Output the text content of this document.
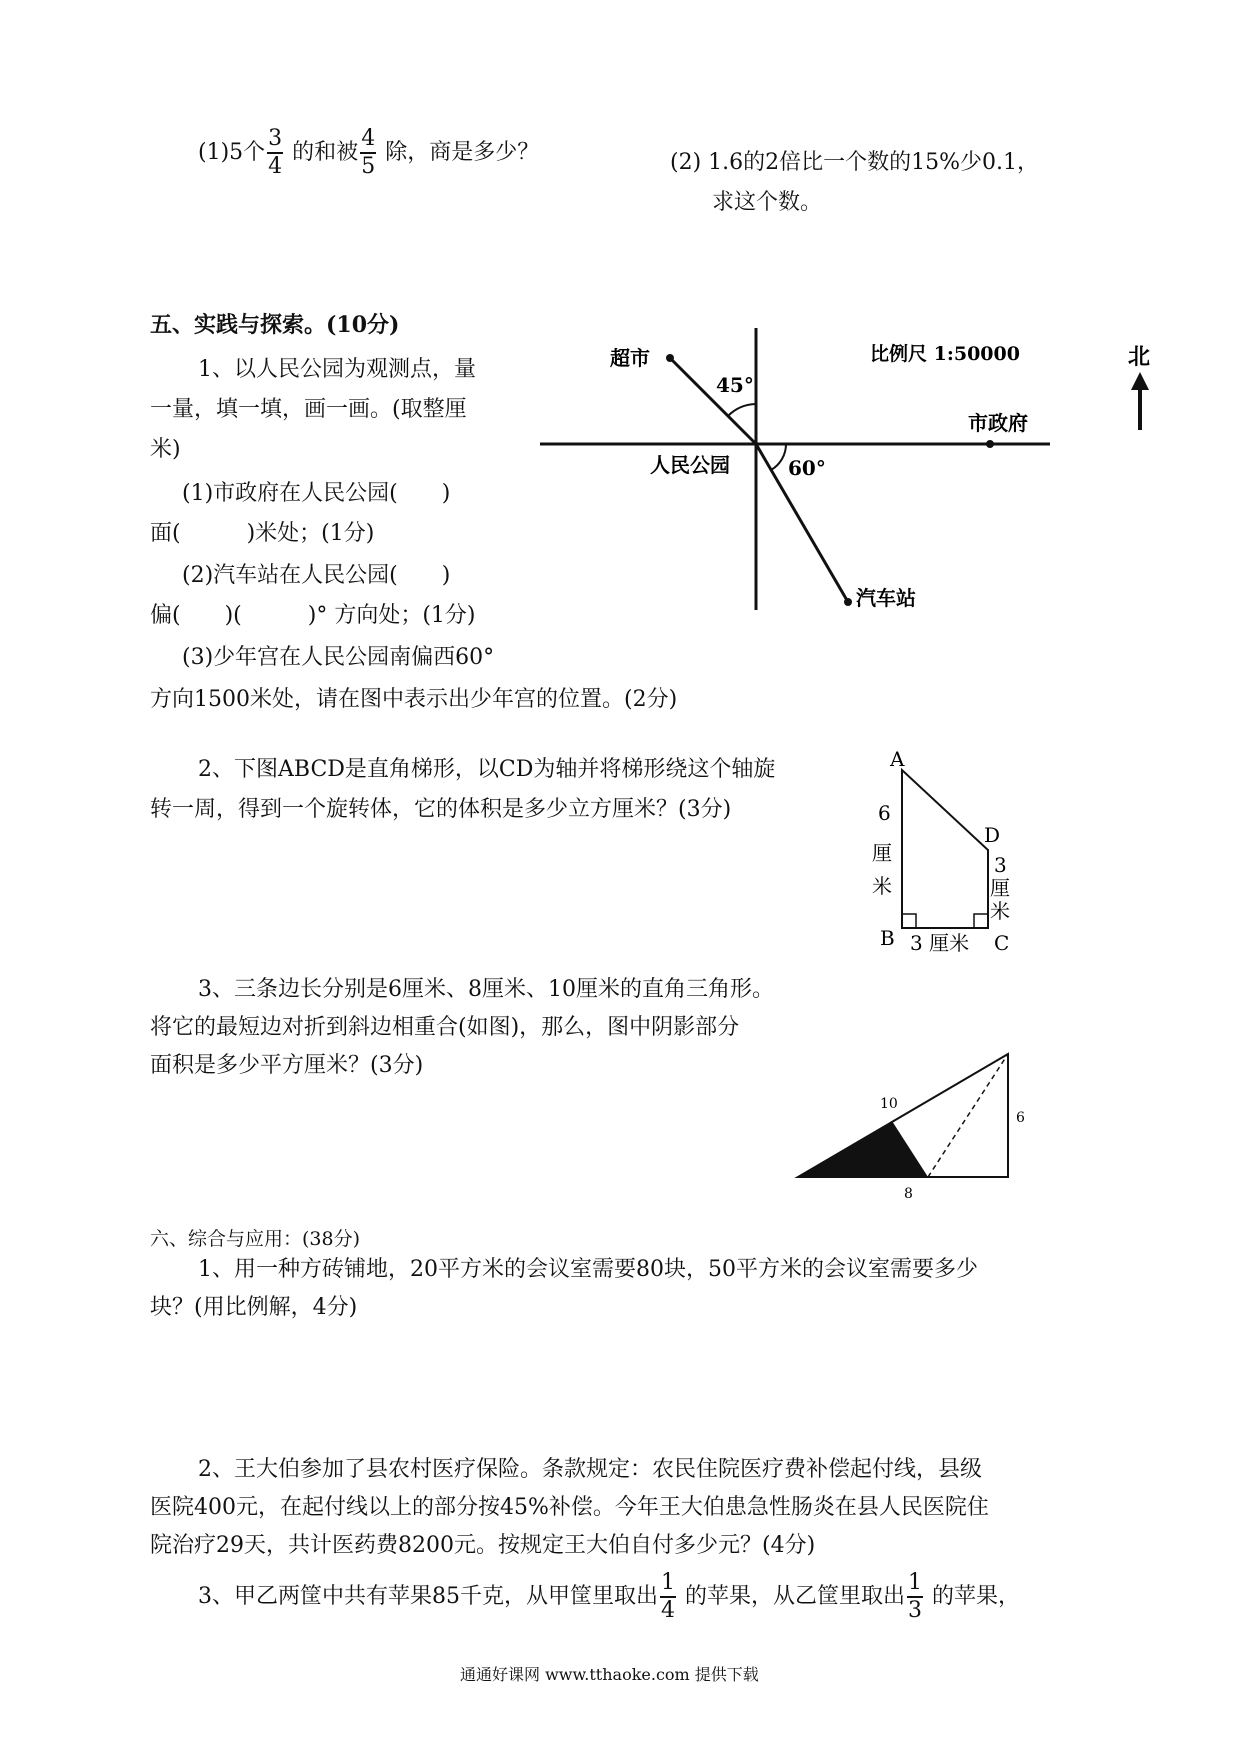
(1)5个 $\frac{3}{4}$ 的和被 $\frac{4}{5}$ 除，商是多少？	(2) 1.6的2倍比一个数的15%少0.1，
求这个数。
五、实践与探索。(10分)
1、以人民公园为观测点，量
一量，填一填，画一画。(取整厘
米)
(1)市政府在人民公园(　　)
面(　　　)米处；(1分)
(2)汽车站在人民公园(　　)
偏(　　)(　　　)° 方向处；(1分)
(3)少年宫在人民公园南偏西60°
方向1500米处，请在图中表示出少年宫的位置。(2分)
超市
45°
比例尺 1:50000
市政府
人民公园	60°
汽车站
北
2、下图ABCD是直角梯形，以CD为轴并将梯形绕这个轴旋
转一周，得到一个旋转体，它的体积是多少立方厘米？(3分)
A
D
B	C
6
厘
米
3
厘
米
3 厘米
3、三条边长分别是6厘米、8厘米、10厘米的直角三角形。
将它的最短边对折到斜边相重合(如图)，那么，图中阴影部分
面积是多少平方厘米？(3分)
10
6
8
六、综合与应用：(38分)
1、用一种方砖铺地，20平方米的会议室需要80块，50平方米的会议室需要多少
块？(用比例解，4分)
2、王大伯参加了县农村医疗保险。条款规定：农民住院医疗费补偿起付线，县级
医院400元，在起付线以上的部分按45%补偿。今年王大伯患急性肠炎在县人民医院住
院治疗29天，共计医药费8200元。按规定王大伯自付多少元？(4分)
3、甲乙两筐中共有苹果85千克，从甲筐里取出 $\frac{1}{4}$ 的苹果，从乙筐里取出 $\frac{1}{3}$ 的苹果，
通通好课网 www.tthaoke.com 提供下载
